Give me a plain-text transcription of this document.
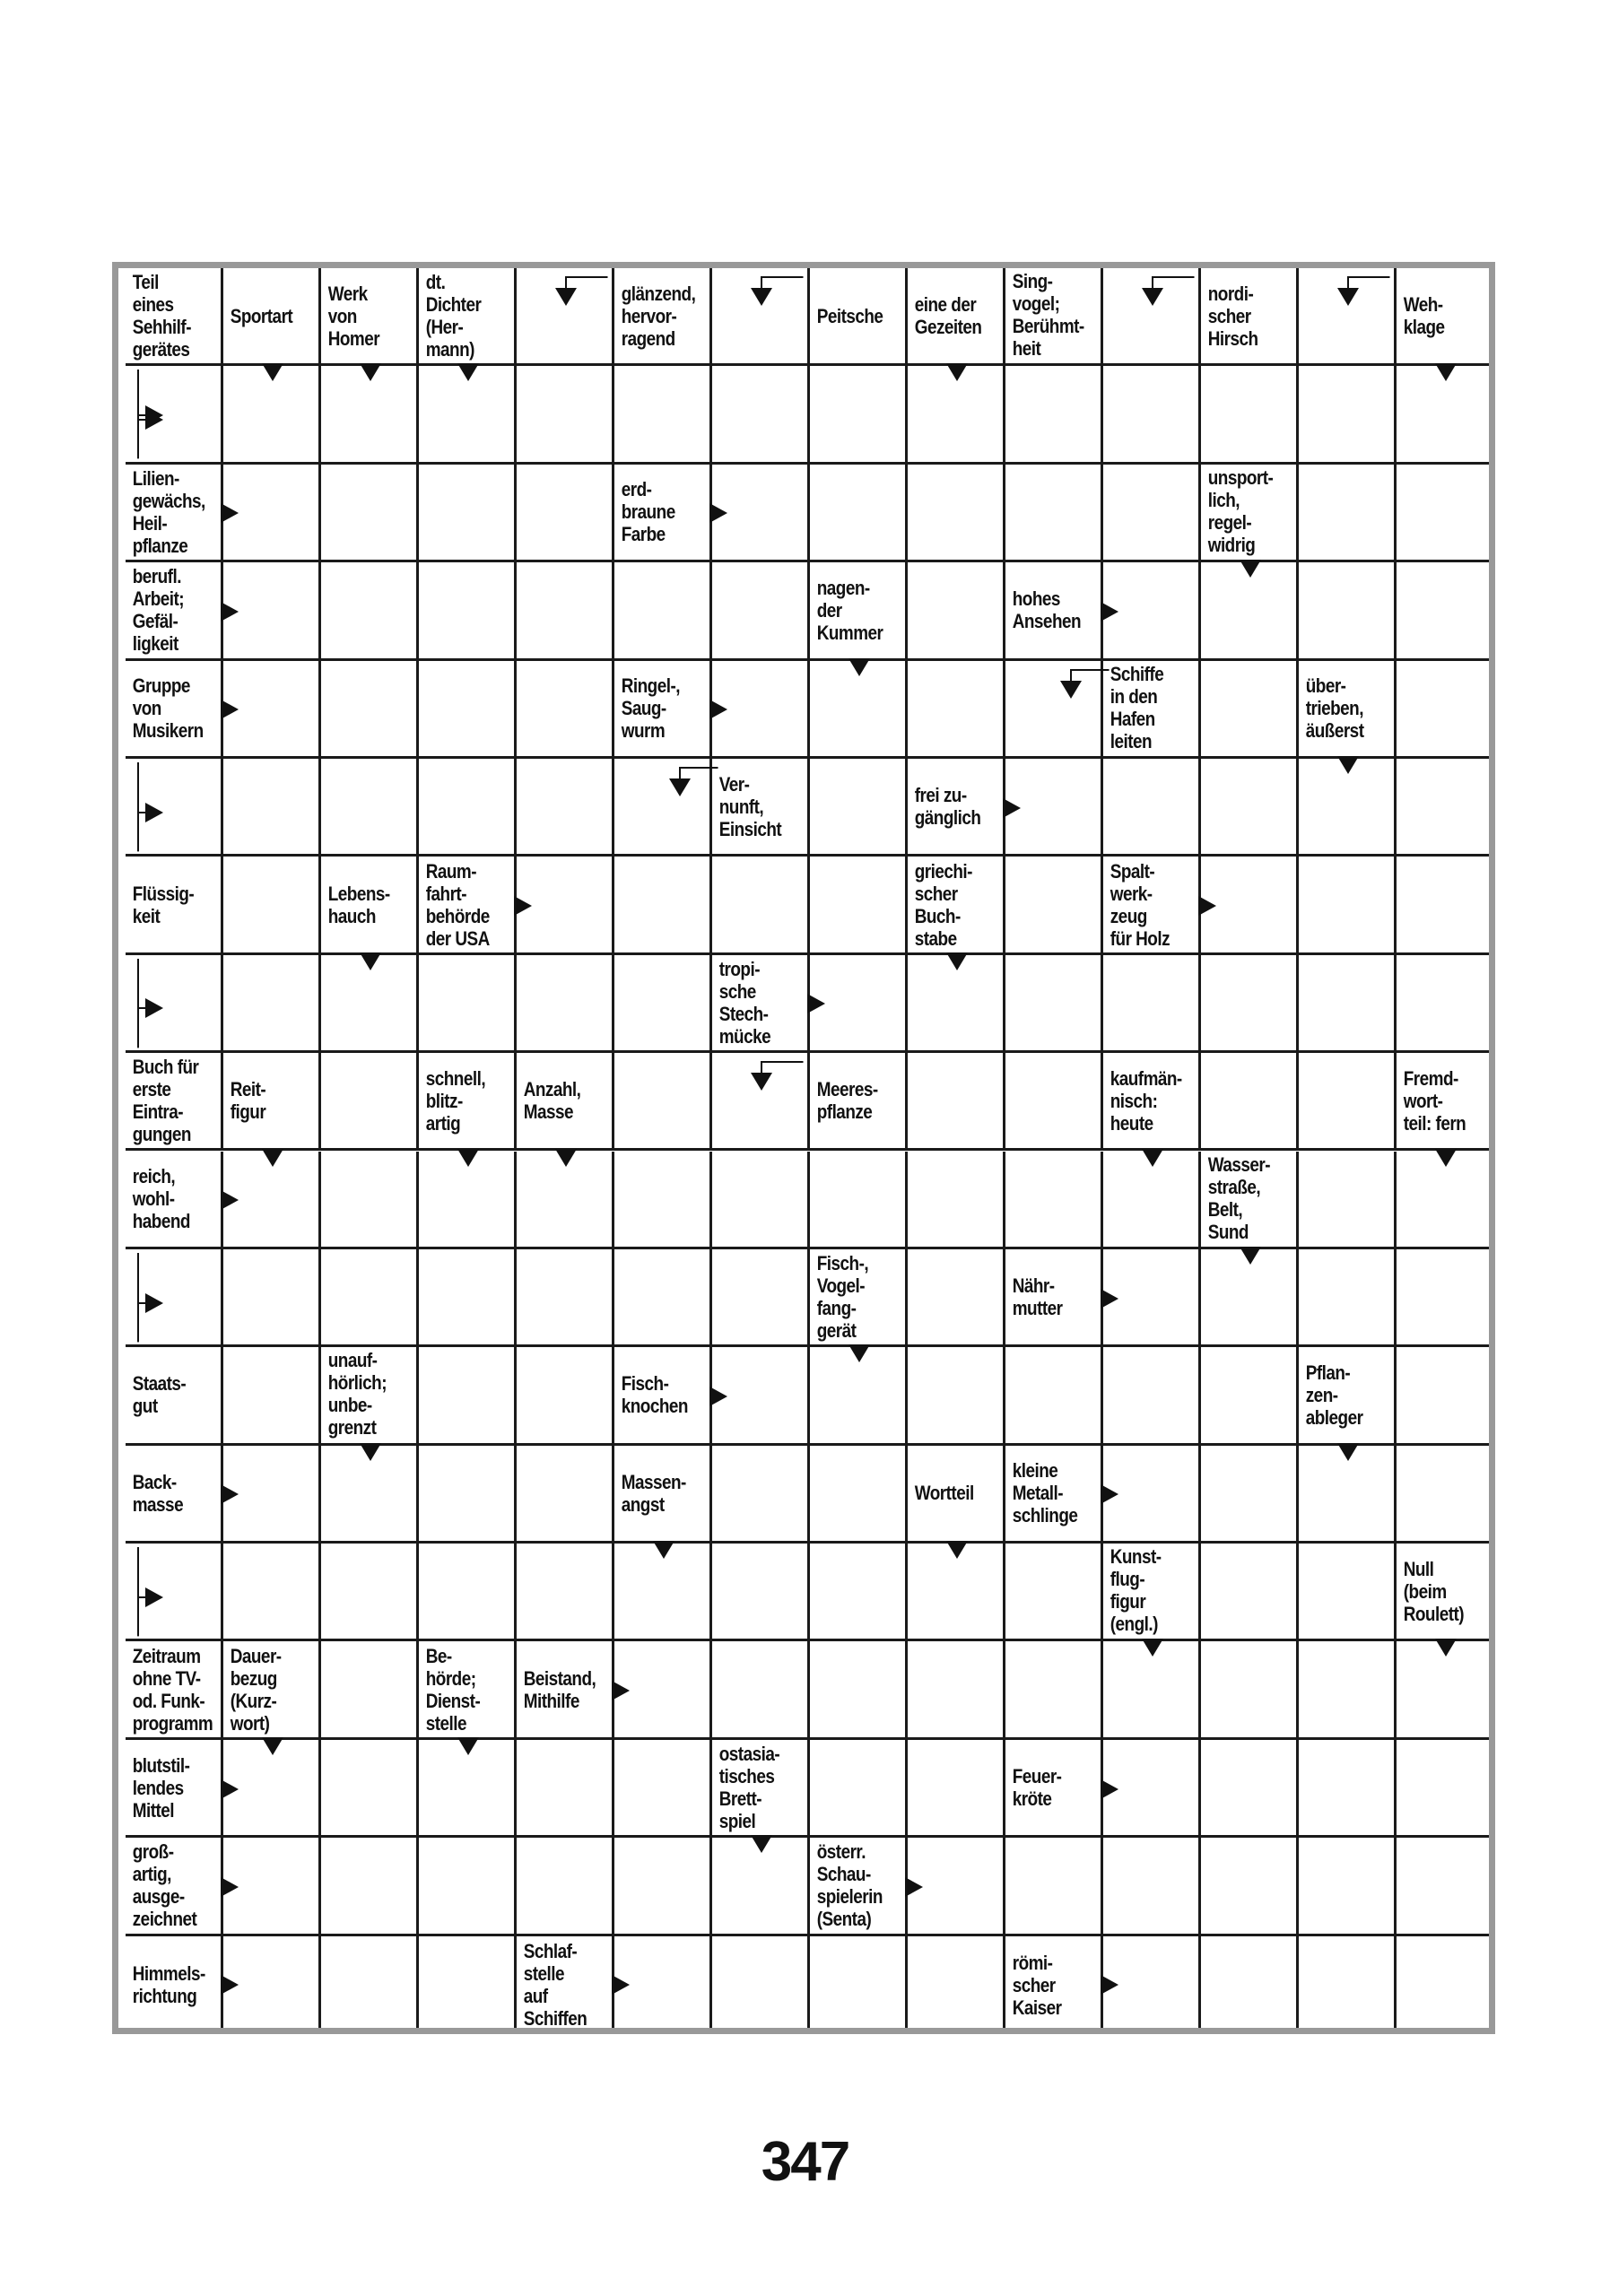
Teil
eines
Sehhilf-
gerätes
Sportart
Werk
von
Homer
dt.
Dichter
(Her-
mann)
glänzend,
hervor-
ragend
Peitsche	eine der
Gezeiten
Sing-
vogel;
Berühmt-
heit
nordi-
scher
Hirsch
Weh-
klage
Lilien-
gewächs,
Heil-
pflanze
erd-
braune
Farbe
unsport-
lich,
regel-
widrig
berufl.
Arbeit;
Gefäl-
ligkeit
nagen-
der
Kummer
hohes
Ansehen
Gruppe
von
Musikern
Ringel-,
Saug-
wurm
Schiffe
in den
Hafen
leiten
über-
trieben,
äußerst
Ver-
nunft,
Einsicht
frei zu-
gänglich
Flüssig-
keit
Lebens-
hauch
Raum-
fahrt-
behörde
der USA
griechi-
scher
Buch-
stabe
Spalt-
werk-
zeug
für Holz
tropi-
sche
Stech-
mücke
Buch für
erste
Eintra-
gungen
Reit-
figur
schnell,
blitz-
artig
Anzahl,
Masse
Meeres-
pflanze
kaufmän-
nisch:
heute
Fremd-
wort-
teil: fern
reich,
wohl-
habend
Wasser-
straße,
Belt,
Sund
Fisch-,
Vogel-
fang-
gerät
Nähr-
mutter
Staats-
gut
unauf-
hörlich;
unbe-
grenzt
Fisch-
knochen
Pflan-
zen-
ableger
Back-
masse
Massen-
angst	Wortteil
kleine
Metall-
schlinge
Kunst-
flug-
figur
(engl.)
Null
(beim
Roulett)
Zeitraum
ohne TV-
od. Funk-
programm
Dauer-
bezug
(Kurz-
wort)
Be-
hörde;
Dienst-
stelle
Beistand,
Mithilfe
blutstil-
lendes
Mittel
ostasia-
tisches
Brett-
spiel
Feuer-
kröte
groß-
artig,
ausge-
zeichnet
österr.
Schau-
spielerin
(Senta)
Himmels-
richtung
Schlaf-
stelle
auf
Schiffen
römi-
scher
Kaiser
347
